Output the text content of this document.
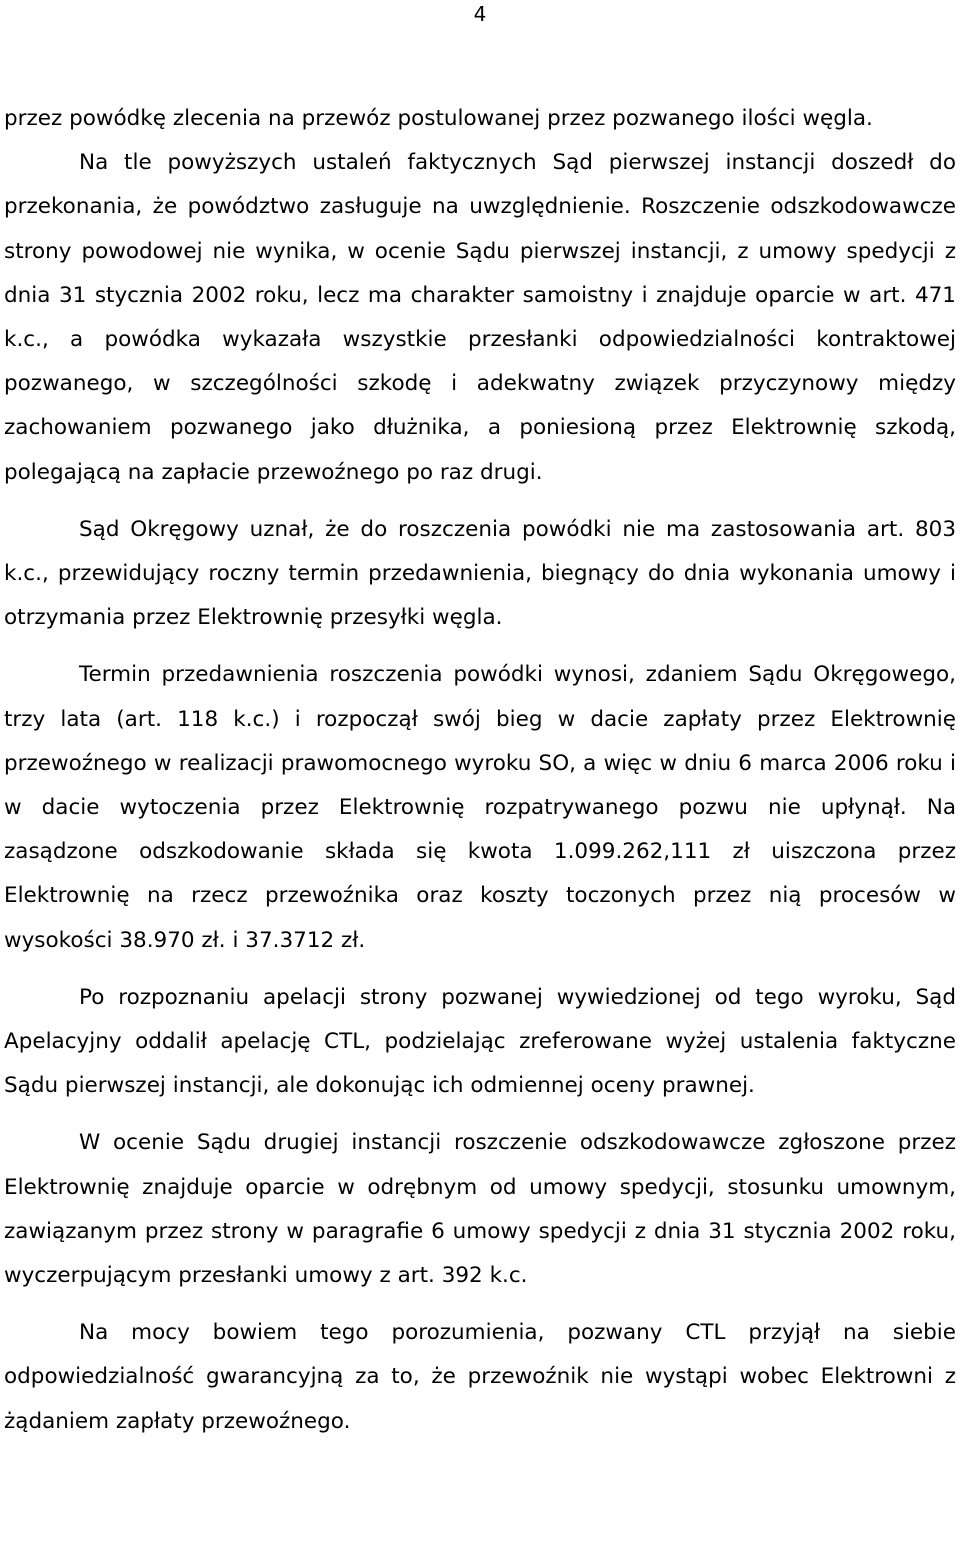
4

przez powódkę zlecenia na przewóz postulowanej przez pozwanego ilości węgla.

Na tle powyższych ustaleń faktycznych Sąd pierwszej instancji doszedł do przekonania, że powództwo zasługuje na uwzględnienie. Roszczenie odszkodowawcze strony powodowej nie wynika, w ocenie Sądu pierwszej instancji, z umowy spedycji z dnia 31 stycznia 2002 roku, lecz ma charakter samoistny i znajduje oparcie w art. 471 k.c., a powódka wykazała wszystkie przesłanki odpowiedzialności kontraktowej pozwanego, w szczególności szkodę i adekwatny związek przyczynowy między zachowaniem pozwanego jako dłużnika, a poniesioną przez Elektrownię szkodą, polegającą na zapłacie przewoźnego po raz drugi.

Sąd Okręgowy uznał, że do roszczenia powódki nie ma zastosowania art. 803 k.c., przewidujący roczny termin przedawnienia, biegnący do dnia wykonania umowy i otrzymania przez Elektrownię przesyłki węgla.

Termin przedawnienia roszczenia powódki wynosi, zdaniem Sądu Okręgowego, trzy lata (art. 118 k.c.) i rozpoczął swój bieg w dacie zapłaty przez Elektrownię przewoźnego w realizacji prawomocnego wyroku SO, a więc w dniu 6 marca 2006 roku i w dacie wytoczenia przez Elektrownię rozpatrywanego pozwu nie upłynął. Na zasądzone odszkodowanie składa się kwota 1.099.262,111 zł uiszczona przez Elektrownię na rzecz przewoźnika oraz koszty toczonych przez nią procesów w wysokości 38.970 zł. i 37.3712 zł.

Po rozpoznaniu apelacji strony pozwanej wywiedzionej od tego wyroku, Sąd Apelacyjny oddalił apelację CTL, podzielając zreferowane wyżej ustalenia faktyczne Sądu pierwszej instancji, ale dokonując ich odmiennej oceny prawnej.

W ocenie Sądu drugiej instancji roszczenie odszkodowawcze zgłoszone przez Elektrownię znajduje oparcie w odrębnym od umowy spedycji, stosunku umownym, zawiązanym przez strony w paragrafie 6 umowy spedycji z dnia 31 stycznia 2002 roku, wyczerpującym przesłanki umowy z art. 392 k.c.

Na mocy bowiem tego porozumienia, pozwany CTL przyjął na siebie odpowiedzialność gwarancyjną za to, że przewoźnik nie wystąpi wobec Elektrowni z żądaniem zapłaty przewoźnego.
